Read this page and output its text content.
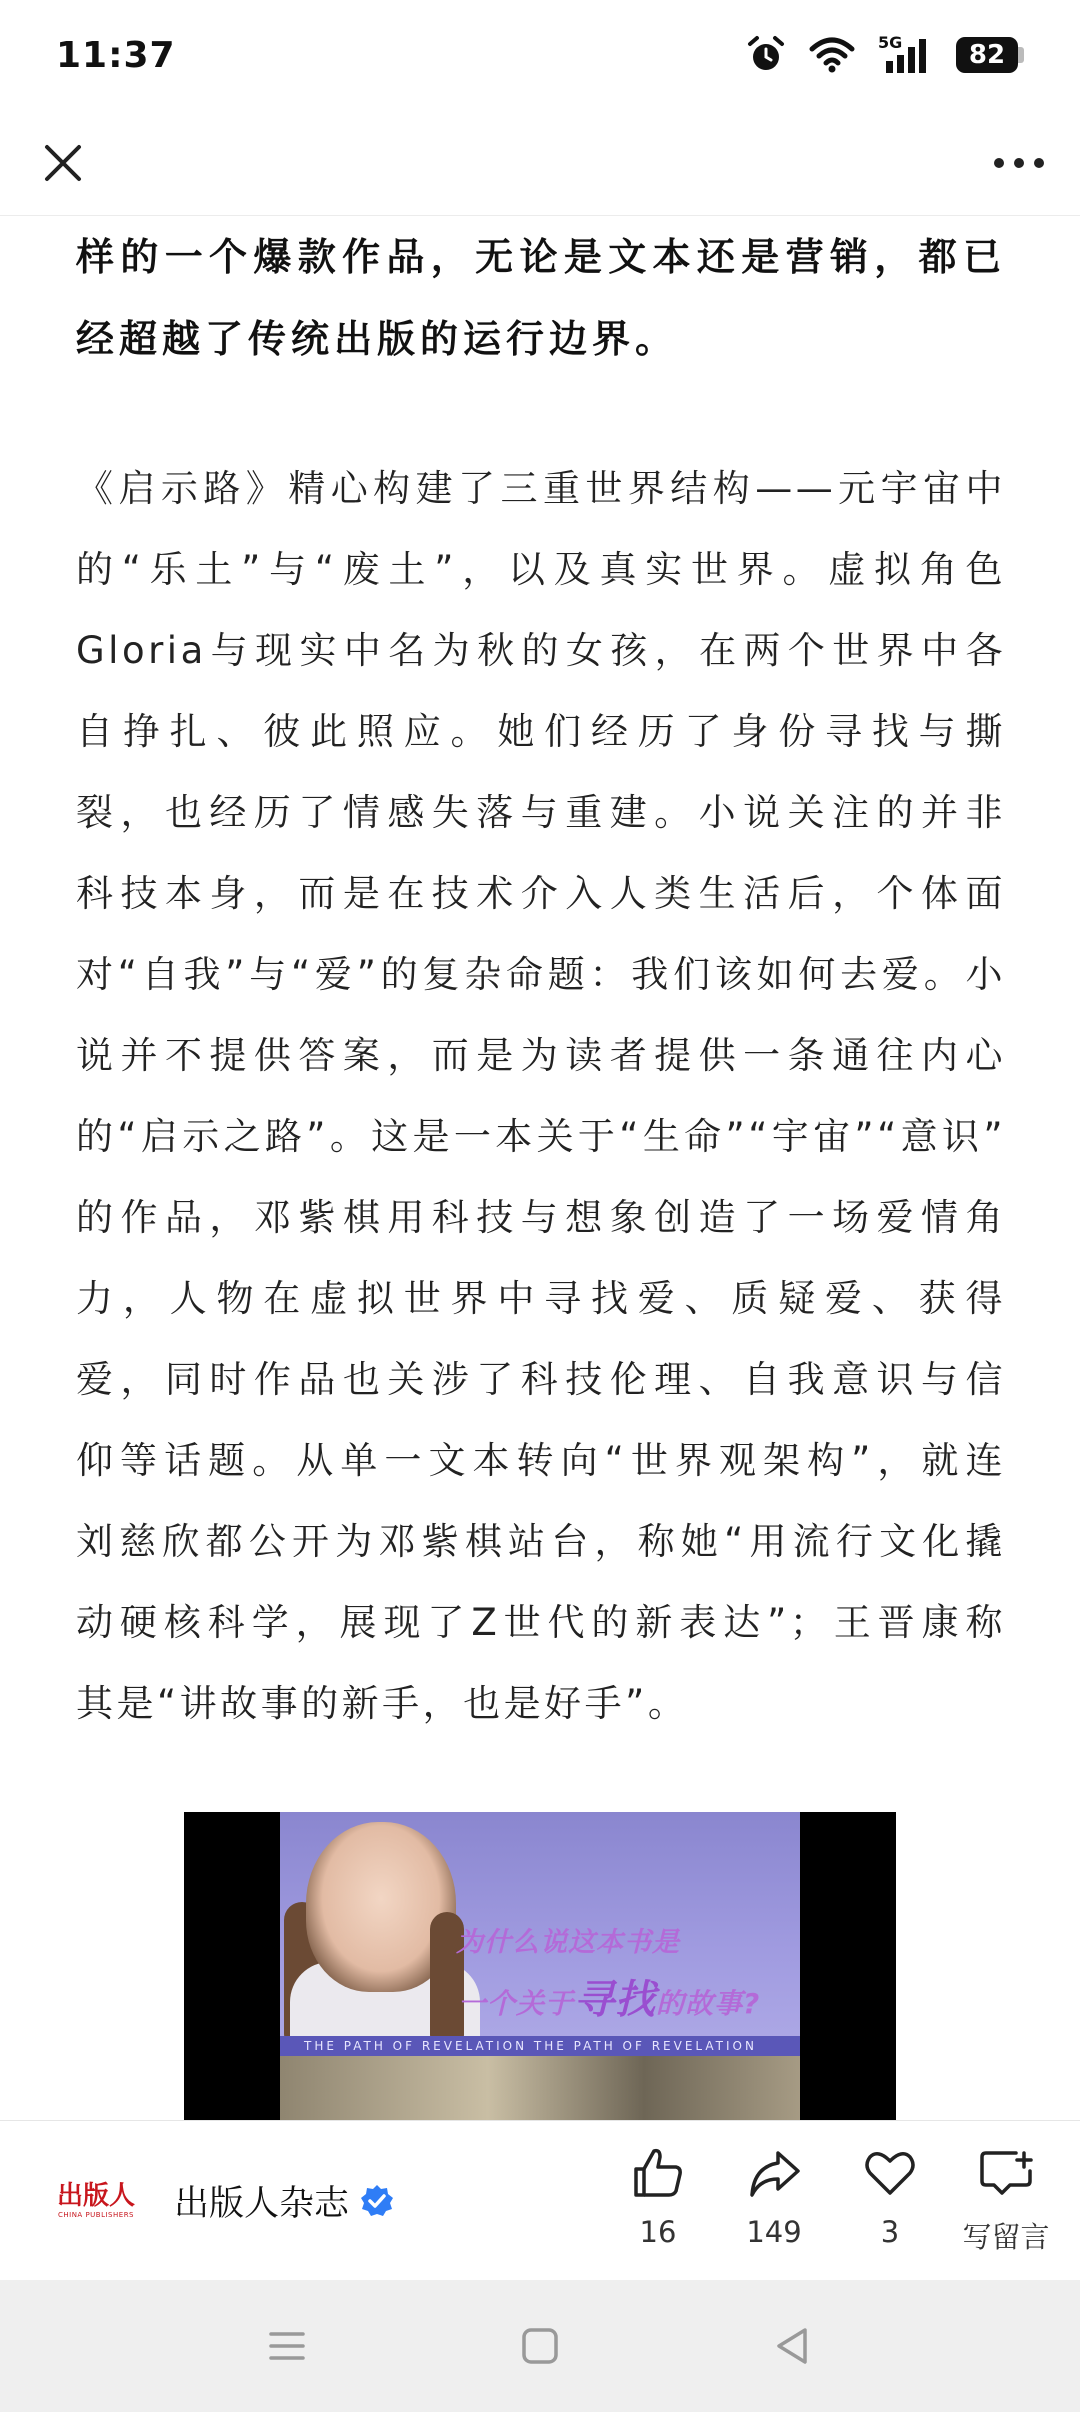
11:37	5G	82
样的一个爆款作品，无论是文本还是营销，都已
经超越了传统出版的运行边界。
《启示路》精心构建了三重世界结构——元宇宙中
的“乐土”与“废土”，以及真实世界。虚拟角色
Gloria与现实中名为秋的女孩，在两个世界中各
自挣扎、彼此照应。她们经历了身份寻找与撕
裂，也经历了情感失落与重建。小说关注的并非
科技本身，而是在技术介入人类生活后，个体面
对“自我”与“爱”的复杂命题：我们该如何去爱。小
说并不提供答案，而是为读者提供一条通往内心
的“启示之路”。这是一本关于“生命”“宇宙”“意识”
的作品，邓紫棋用科技与想象创造了一场爱情角
力，人物在虚拟世界中寻找爱、质疑爱、获得
爱，同时作品也关涉了科技伦理、自我意识与信
仰等话题。从单一文本转向“世界观架构”，就连
刘慈欣都公开为邓紫棋站台，称她“用流行文化撬
动硬核科学，展现了Z世代的新表达”；王晋康称
其是“讲故事的新手，也是好手”。
为什么说这本书是
一个关于寻找的故事?
THE PATH OF REVELATION THE PATH OF REVELATION
出版人
CHINA PUBLISHERS 出版人杂志
16 149	3 写留言
